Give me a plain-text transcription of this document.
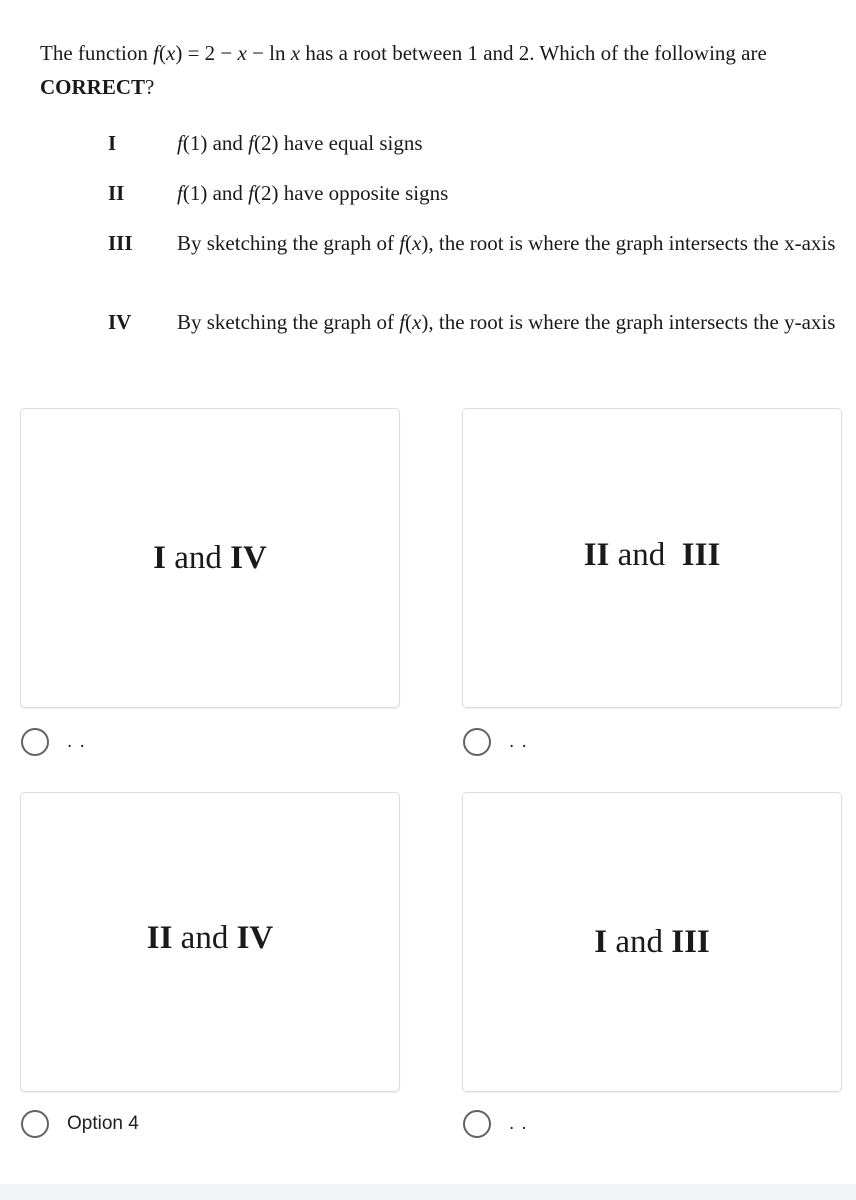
The function f(x) = 2 − x − ln x has a root between 1 and 2. Which of the following are CORRECT?
I	f(1) and f(2) have equal signs
II	f(1) and f(2) have opposite signs
III By sketching the graph of f(x), the root is where the graph intersects the x-axis
IV By sketching the graph of f(x), the root is where the graph intersects the y-axis
I and IV
. .
II and  III
. .
II and IV
Option 4
I and III
. .
